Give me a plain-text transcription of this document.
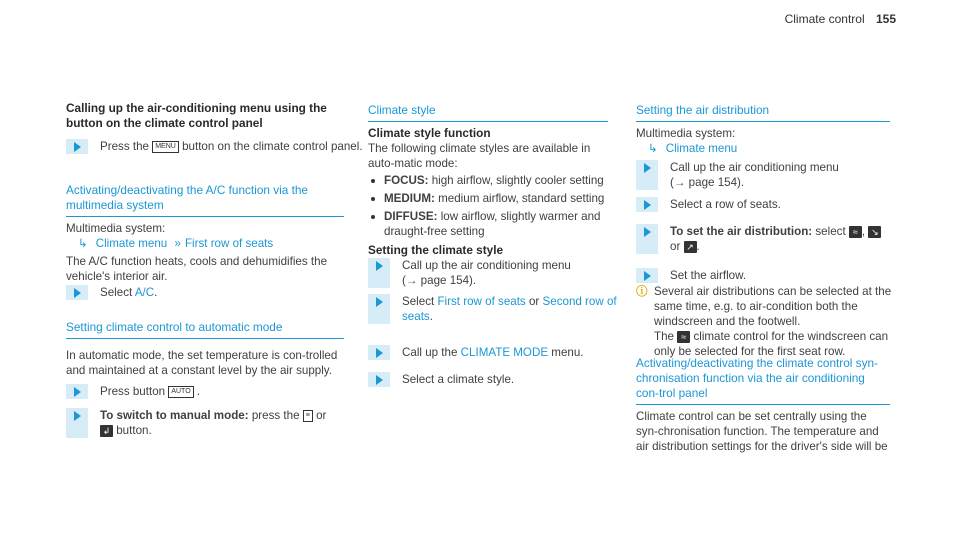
Climate control 155
Calling up the air-conditioning menu using the button on the climate control panel
Press the MENU button on the climate control panel.
Activating/deactivating the A/C function via the multimedia system

Multimedia system:

↳ Climate menu » First row of seats

The A/C function heats, cools and dehumidifies the vehicle's interior air.

Select A/C.
Setting climate control to automatic mode

In automatic mode, the set temperature is con-trolled and maintained at a constant level by the air supply.

Press button AUTO .
To switch to manual mode: press the ≡ or
↲ button.
Climate style
Climate style function

The following climate styles are available in auto-matic mode:

FOCUS: high airflow, slightly cooler setting
MEDIUM: medium airflow, standard setting
DIFFUSE: low airflow, slightly warmer and draught-free setting
Setting the climate style
Call up the air conditioning menu
(→ page 154).
Select First row of seats or Second row of seats.
Call up the CLIMATE MODE menu.
Select a climate style.
Setting the air distribution

Multimedia system:

↳ Climate menu

Call up the air conditioning menu
(→ page 154).
Select a row of seats.
To set the air distribution: select ≈ , ↘
or ↗ .
Set the airflow.
ⓘ Several air distributions can be selected at the same time, e.g. to air-condition both the windscreen and the footwell.
The ≈ climate control for the windscreen can only be selected for the first seat row.
Activating/deactivating the climate control syn-chronisation function via the air conditioning con-trol panel

Climate control can be set centrally using the syn-chronisation function. The temperature and air distribution settings for the driver's side will be
